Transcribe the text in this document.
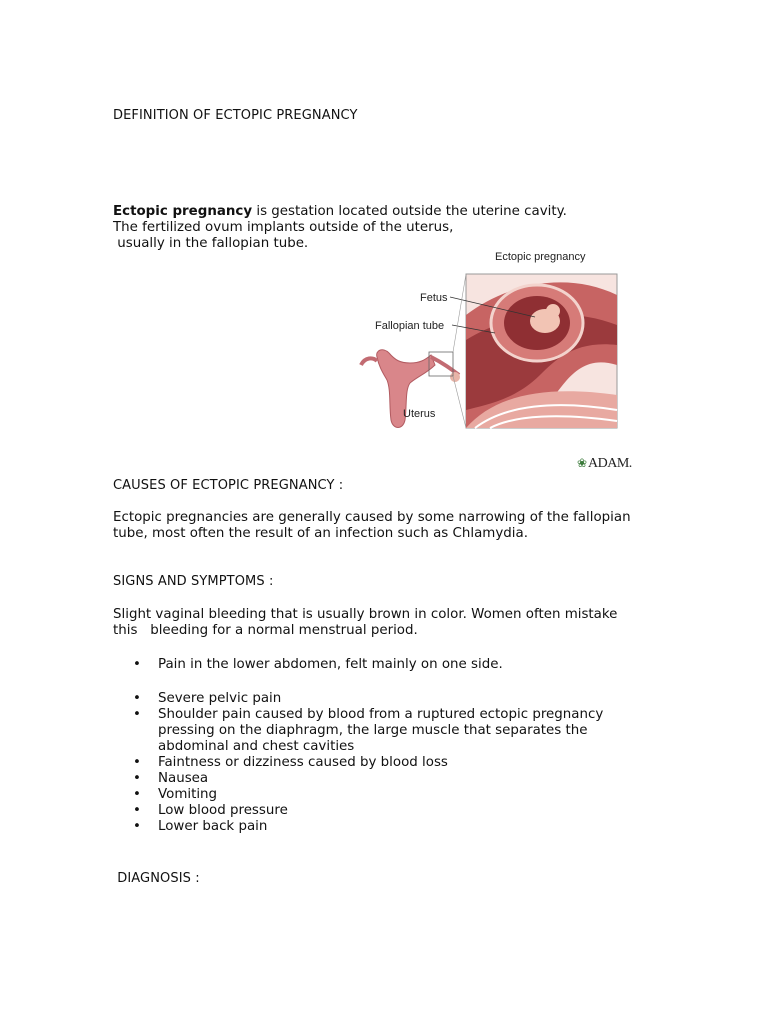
DEFINITION OF ECTOPIC PREGNANCY

Ectopic pregnancy is gestation located outside the uterine cavity.

The fertilized ovum implants outside of the uterus,

usually in the fallopian tube.

Ectopic pregnancy
Fetus
Fallopian tube
Uterus
❀ ADAM.

CAUSES OF ECTOPIC PREGNANCY :

Ectopic pregnancies are generally caused by some narrowing of the fallopian

tube, most often the result of an infection such as Chlamydia.

SIGNS AND SYMPTOMS :

Slight vaginal bleeding that is usually brown in color. Women often mistake

this   bleeding for a normal menstrual period.

• Pain in the lower abdomen, felt mainly on one side.
• Severe pelvic pain
• Shoulder pain caused by blood from a ruptured ectopic pregnancy
pressing on the diaphragm, the large muscle that separates the
abdominal and chest cavities
• Faintness or dizziness caused by blood loss
• Nausea
• Vomiting
• Low blood pressure
• Lower back pain

DIAGNOSIS :
